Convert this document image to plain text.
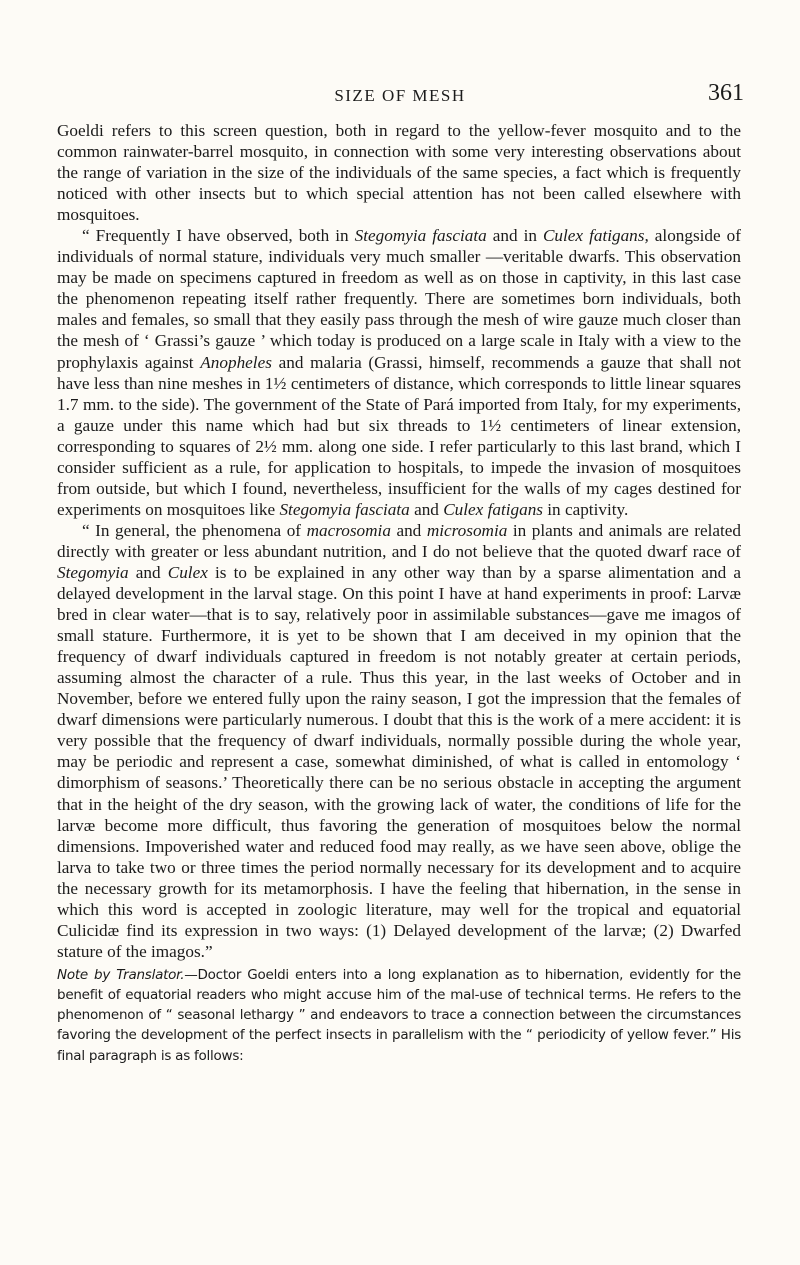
SIZE OF MESH	361

Goeldi refers to this screen question, both in regard to the yellow-fever mosquito and to the common rainwater-barrel mosquito, in connection with some very interesting observations about the range of variation in the size of the individuals of the same species, a fact which is frequently noticed with other insects but to which special attention has not been called elsewhere with mosquitoes.

“ Frequently I have observed, both in Stegomyia fasciata and in Culex fatigans, alongside of individuals of normal stature, individuals very much smaller —veritable dwarfs. This observation may be made on specimens captured in freedom as well as on those in captivity, in this last case the phenomenon repeating itself rather frequently. There are sometimes born individuals, both males and females, so small that they easily pass through the mesh of wire gauze much closer than the mesh of ‘ Grassi’s gauze ’ which today is produced on a large scale in Italy with a view to the prophylaxis against Anopheles and malaria (Grassi, himself, recommends a gauze that shall not have less than nine meshes in 1½ centimeters of distance, which corresponds to little linear squares 1.7 mm. to the side). The government of the State of Pará imported from Italy, for my experiments, a gauze under this name which had but six threads to 1½ centimeters of linear extension, corresponding to squares of 2½ mm. along one side. I refer particularly to this last brand, which I consider sufficient as a rule, for application to hospitals, to impede the invasion of mosquitoes from outside, but which I found, nevertheless, insufficient for the walls of my cages destined for experiments on mosquitoes like Stegomyia fasciata and Culex fatigans in captivity.

“ In general, the phenomena of macrosomia and microsomia in plants and animals are related directly with greater or less abundant nutrition, and I do not believe that the quoted dwarf race of Stegomyia and Culex is to be explained in any other way than by a sparse alimentation and a delayed development in the larval stage. On this point I have at hand experiments in proof: Larvæ bred in clear water—that is to say, relatively poor in assimilable substances—gave me imagos of small stature. Furthermore, it is yet to be shown that I am deceived in my opinion that the frequency of dwarf individuals captured in freedom is not notably greater at certain periods, assuming almost the character of a rule. Thus this year, in the last weeks of October and in November, before we entered fully upon the rainy season, I got the impression that the females of dwarf dimensions were particularly numerous. I doubt that this is the work of a mere accident: it is very possible that the frequency of dwarf individuals, normally possible during the whole year, may be periodic and represent a case, somewhat diminished, of what is called in entomology ‘ dimorphism of seasons.’ Theoretically there can be no serious obstacle in accepting the argument that in the height of the dry season, with the growing lack of water, the conditions of life for the larvæ become more difficult, thus favoring the generation of mosquitoes below the normal dimensions. Impoverished water and reduced food may really, as we have seen above, oblige the larva to take two or three times the period normally necessary for its development and to acquire the necessary growth for its metamorphosis. I have the feeling that hibernation, in the sense in which this word is accepted in zoologic literature, may well for the tropical and equatorial Culicidæ find its expression in two ways: (1) Delayed development of the larvæ; (2) Dwarfed stature of the imagos.”

Note by Translator.—Doctor Goeldi enters into a long explanation as to hibernation, evidently for the benefit of equatorial readers who might accuse him of the mal-use of technical terms. He refers to the phenomenon of “ seasonal lethargy ” and endeavors to trace a connection between the circumstances favoring the development of the perfect insects in parallelism with the “ periodicity of yellow fever.” His final paragraph is as follows:
